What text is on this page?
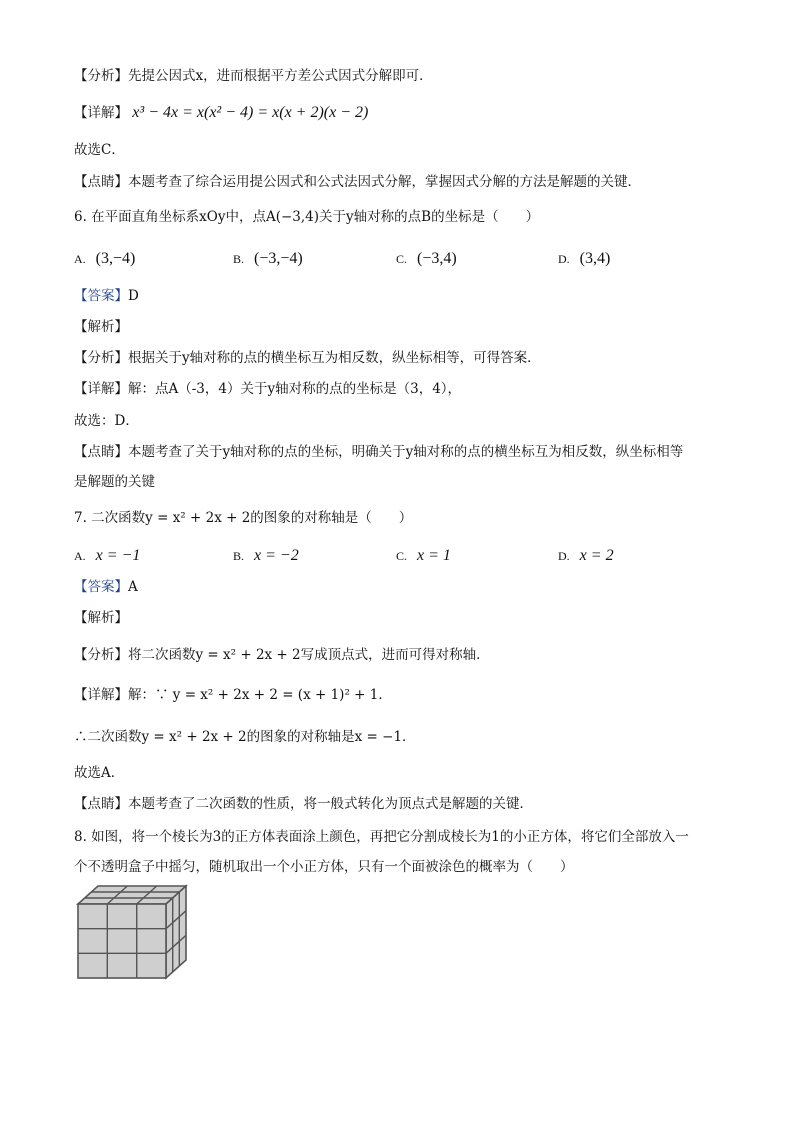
【分析】先提公因式x，进而根据平方差公式因式分解即可．
【详解】 x³ − 4x = x(x² − 4) = x(x + 2)(x − 2)
故选C．
【点睛】本题考查了综合运用提公因式和公式法因式分解，掌握因式分解的方法是解题的关键．
6. 在平面直角坐标系xOy中，点A(−3,4)关于y轴对称的点B的坐标是（　　）
A. (3,−4)	B. (−3,−4)	C. (−3,4)	D. (3,4)
【答案】D
【解析】
【分析】根据关于y轴对称的点的横坐标互为相反数，纵坐标相等，可得答案．
【详解】解：点A（-3，4）关于y轴对称的点的坐标是（3，4），
故选：D．
【点睛】本题考查了关于y轴对称的点的坐标，明确关于y轴对称的点的横坐标互为相反数，纵坐标相等
是解题的关键
7. 二次函数y = x² + 2x + 2的图象的对称轴是（　　）
A. x = −1	B. x = −2	C. x = 1	D. x = 2
【答案】A
【解析】
【分析】将二次函数y = x² + 2x + 2写成顶点式，进而可得对称轴．
【详解】解：∵ y = x² + 2x + 2 = (x + 1)² + 1．
∴二次函数y = x² + 2x + 2的图象的对称轴是x = −1．
故选A．
【点睛】本题考查了二次函数的性质，将一般式转化为顶点式是解题的关键．
8. 如图，将一个棱长为3的正方体表面涂上颜色，再把它分割成棱长为1的小正方体，将它们全部放入一
个不透明盒子中摇匀，随机取出一个小正方体，只有一个面被涂色的概率为（　　）
